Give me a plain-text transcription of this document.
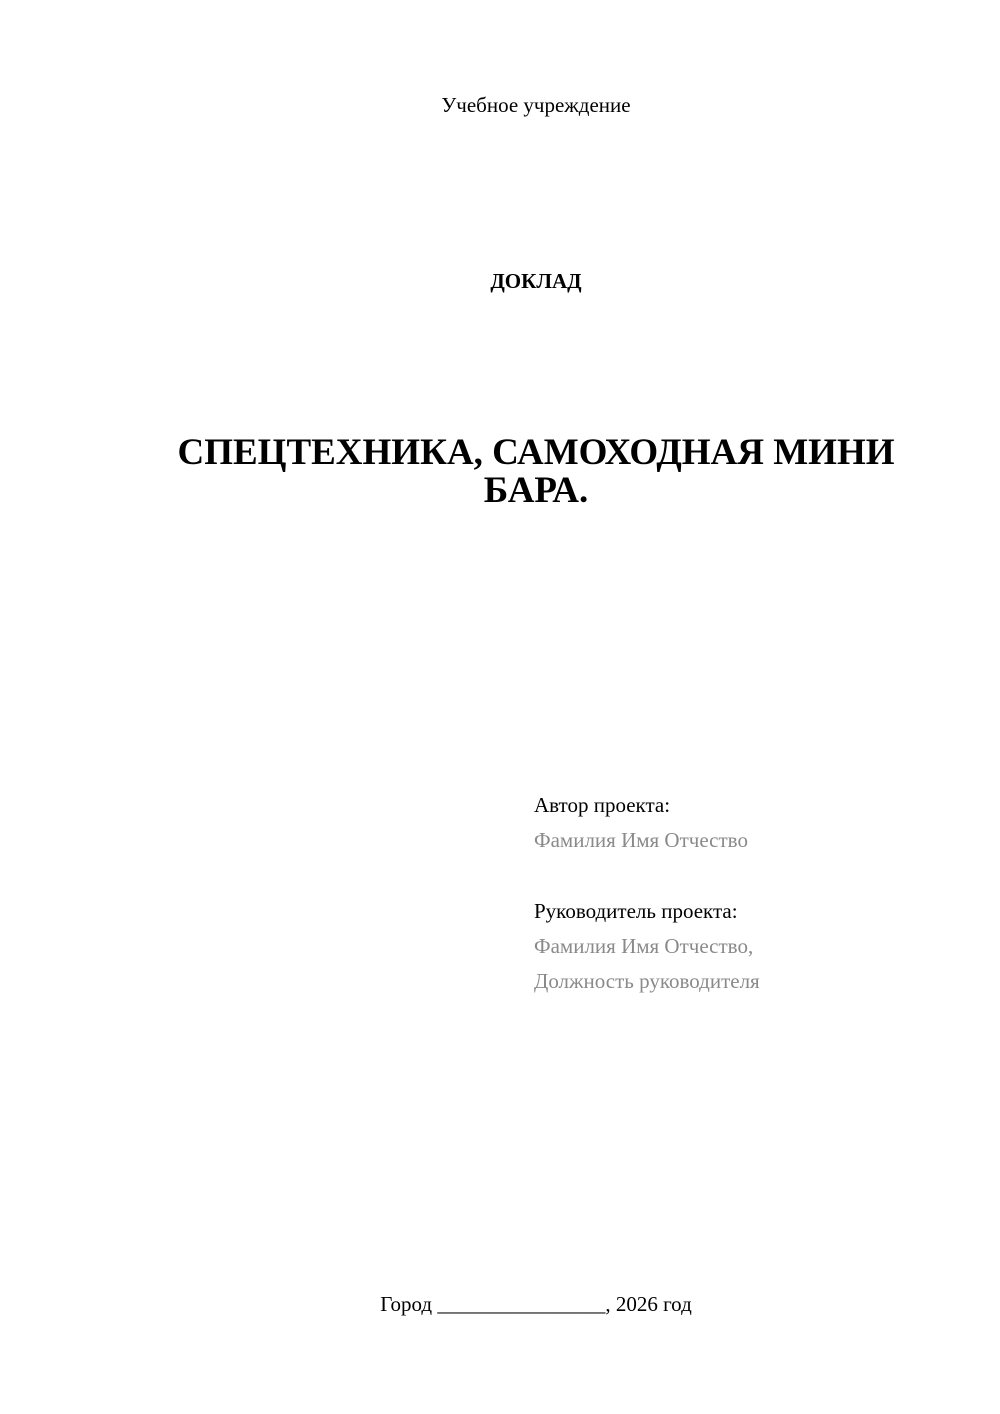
Учебное учреждение
ДОКЛАД
СПЕЦТЕХНИКА, САМОХОДНАЯ МИНИ
БАРА.
Автор проекта:
Фамилия Имя Отчество
Руководитель проекта:
Фамилия Имя Отчество,
Должность руководителя
Город ________________, 2026 год
